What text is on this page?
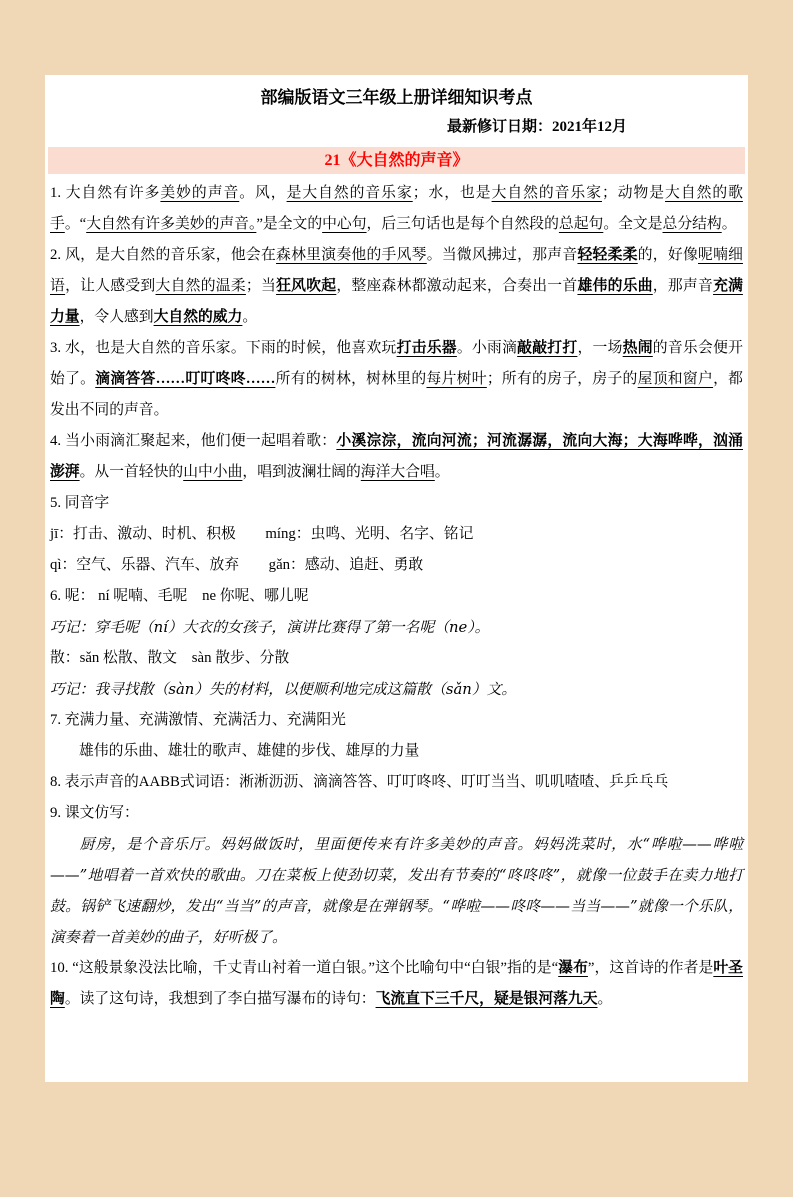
部编版语文三年级上册详细知识考点
最新修订日期：2021年12月
21《大自然的声音》

1. 大自然有许多美妙的声音。风，是大自然的音乐家；水，也是大自然的音乐家；动物是大自然的歌手。“大自然有许多美妙的声音。”是全文的中心句，后三句话也是每个自然段的总起句。全文是总分结构。

2. 风，是大自然的音乐家，他会在森林里演奏他的手风琴。当微风拂过，那声音轻轻柔柔的，好像呢喃细语，让人感受到大自然的温柔；当狂风吹起，整座森林都激动起来，合奏出一首雄伟的乐曲，那声音充满力量，令人感到大自然的威力。

3. 水，也是大自然的音乐家。下雨的时候，他喜欢玩打击乐器。小雨滴敲敲打打，一场热闹的音乐会便开始了。滴滴答答……叮叮咚咚……所有的树林，树林里的每片树叶；所有的房子，房子的屋顶和窗户，都发出不同的声音。

4. 当小雨滴汇聚起来，他们便一起唱着歌：小溪淙淙，流向河流；河流潺潺，流向大海；大海哗哗，汹涌澎湃。从一首轻快的山中小曲，唱到波澜壮阔的海洋大合唱。

5. 同音字

jī：打击、激动、时机、积极　　míng：虫鸣、光明、名字、铭记

qì：空气、乐器、汽车、放弃　　gǎn：感动、追赶、勇敢

6. 呢： ní 呢喃、毛呢　ne 你呢、哪儿呢

巧记：穿毛呢（ní）大衣的女孩子，演讲比赛得了第一名呢（ne）。

散：sǎn 松散、散文　sàn 散步、分散

巧记：我寻找散（sàn）失的材料，以便顺利地完成这篇散（sǎn）文。

7. 充满力量、充满激情、充满活力、充满阳光

雄伟的乐曲、雄壮的歌声、雄健的步伐、雄厚的力量

8. 表示声音的AABB式词语：淅淅沥沥、滴滴答答、叮叮咚咚、叮叮当当、叽叽喳喳、乒乒乓乓

9. 课文仿写：

厨房，是个音乐厅。妈妈做饭时，里面便传来有许多美妙的声音。妈妈洗菜时，水“哗啦——哗啦——”地唱着一首欢快的歌曲。刀在菜板上使劲切菜，发出有节奏的“咚咚咚”，就像一位鼓手在卖力地打鼓。锅铲飞速翻炒，发出“当当”的声音，就像是在弹钢琴。“哗啦——咚咚——当当——”就像一个乐队，演奏着一首美妙的曲子，好听极了。

10. “这般景象没法比喻，千丈青山衬着一道白银。”这个比喻句中“白银”指的是“瀑布”，这首诗的作者是叶圣陶。读了这句诗，我想到了李白描写瀑布的诗句：飞流直下三千尺，疑是银河落九天。
